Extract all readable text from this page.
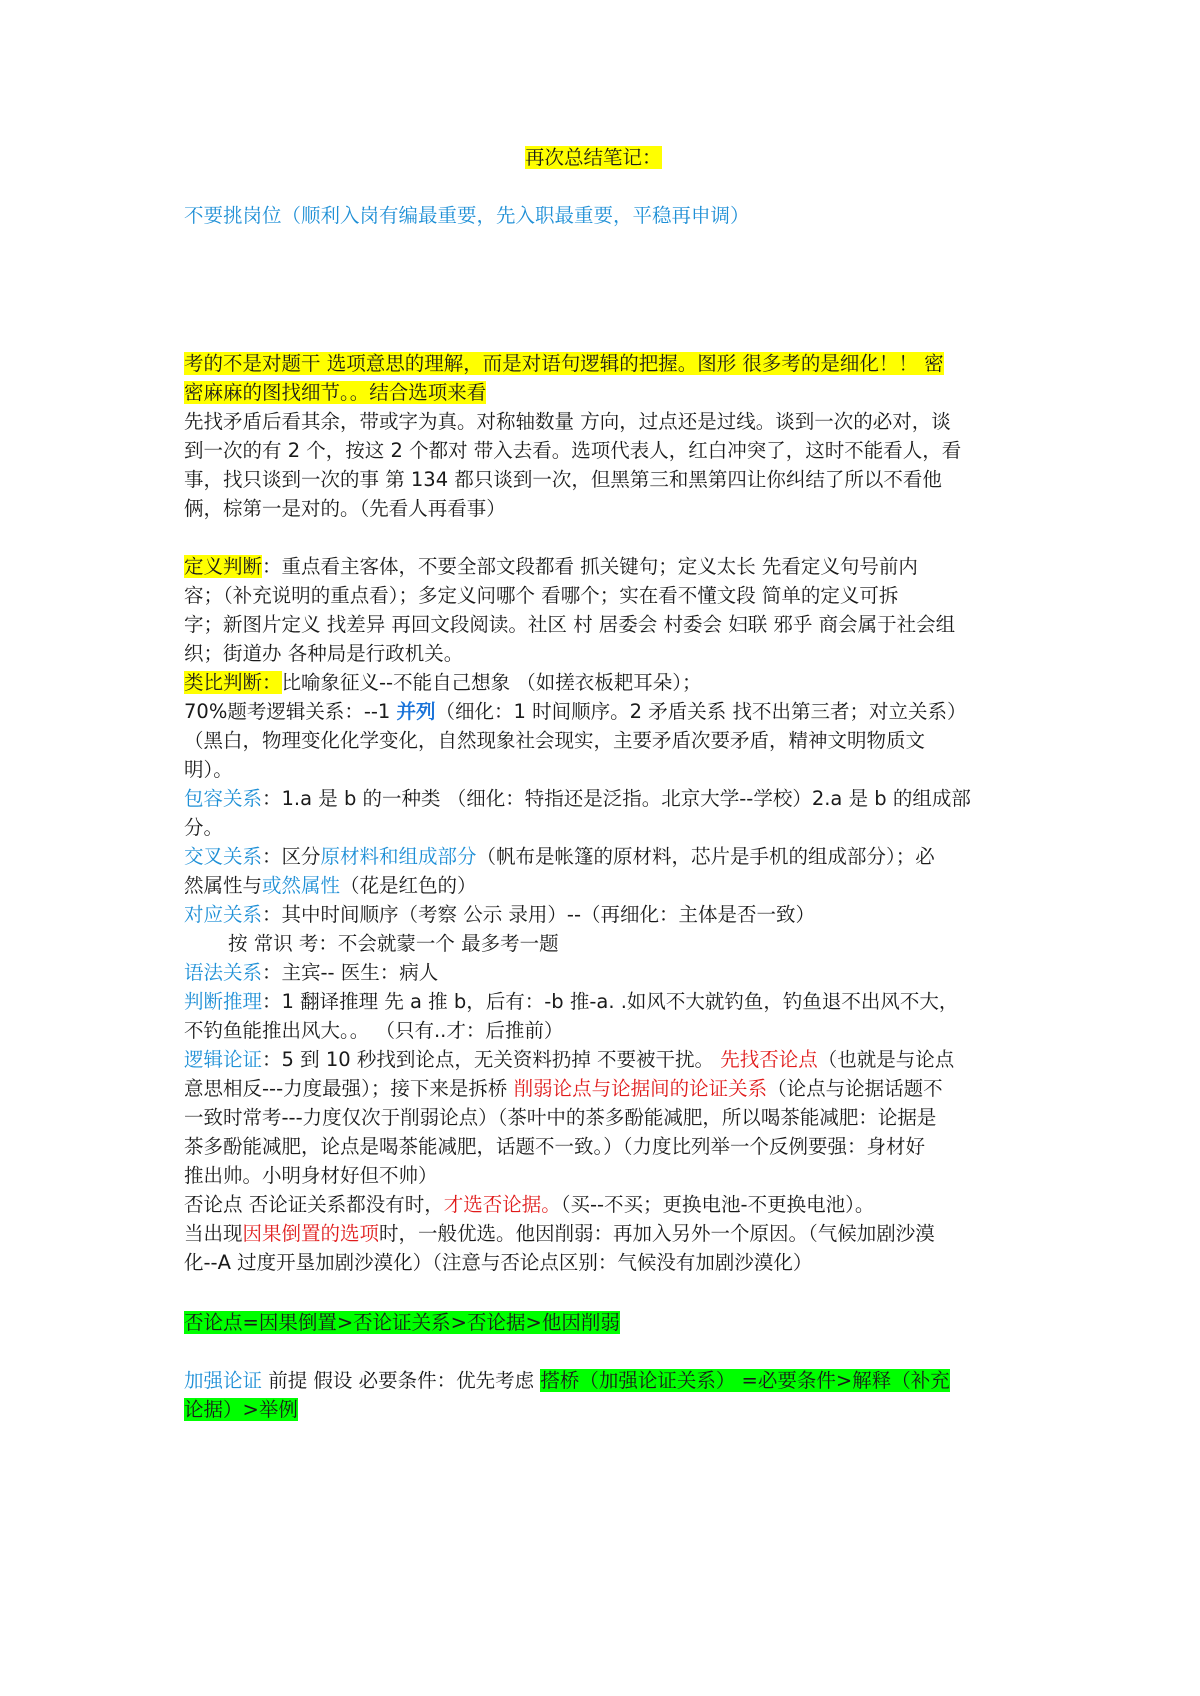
再次总结笔记：

不要挑岗位（顺利入岗有编最重要，先入职最重要，平稳再申调）

考的不是对题干 选项意思的理解，而是对语句逻辑的把握。图形 很多考的是细化！！ 密

密麻麻的图找细节。。结合选项来看

先找矛盾后看其余，带或字为真。对称轴数量 方向，过点还是过线。谈到一次的必对，谈

到一次的有 2 个，按这 2 个都对 带入去看。选项代表人，红白冲突了，这时不能看人，看

事，找只谈到一次的事 第 134 都只谈到一次，但黑第三和黑第四让你纠结了所以不看他

俩，棕第一是对的。（先看人再看事）

定义判断：重点看主客体，不要全部文段都看 抓关键句；定义太长 先看定义句号前内

容；（补充说明的重点看）；多定义问哪个 看哪个；实在看不懂文段 简单的定义可拆

字；新图片定义 找差异 再回文段阅读。社区 村 居委会 村委会 妇联 邪乎 商会属于社会组

织；街道办 各种局是行政机关。

类比判断：比喻象征义--不能自己想象 （如搓衣板耙耳朵）；

70%题考逻辑关系：--1 并列（细化：1 时间顺序。2 矛盾关系 找不出第三者；对立关系）

（黑白，物理变化化学变化，自然现象社会现实，主要矛盾次要矛盾，精神文明物质文

明）。

包容关系：1.a 是 b 的一种类 （细化：特指还是泛指。北京大学--学校）2.a 是 b 的组成部

分。

交叉关系：区分原材料和组成部分（帆布是帐篷的原材料，芯片是手机的组成部分）；必

然属性与或然属性（花是红色的）

对应关系：其中时间顺序（考察 公示 录用）--（再细化：主体是否一致）

按 常识 考：不会就蒙一个 最多考一题

语法关系：主宾-- 医生：病人

判断推理：1 翻译推理 先 a 推 b，后有：-b 推-a. .如风不大就钓鱼，钓鱼退不出风不大，

不钓鱼能推出风大。。 （只有..才：后推前）

逻辑论证：5 到 10 秒找到论点，无关资料扔掉 不要被干扰。 先找否论点（也就是与论点

意思相反---力度最强）；接下来是拆桥 削弱论点与论据间的论证关系（论点与论据话题不

一致时常考---力度仅次于削弱论点）（茶叶中的茶多酚能减肥，所以喝茶能减肥：论据是

茶多酚能减肥，论点是喝茶能减肥，话题不一致。）（力度比列举一个反例要强：身材好

推出帅。小明身材好但不帅）

否论点 否论证关系都没有时，才选否论据。（买--不买；更换电池-不更换电池）。

当出现因果倒置的选项时，一般优选。他因削弱：再加入另外一个原因。（气候加剧沙漠

化--A 过度开垦加剧沙漠化）（注意与否论点区别：气候没有加剧沙漠化）

否论点=因果倒置>否论证关系>否论据>他因削弱

加强论证 前提 假设 必要条件：优先考虑 搭桥（加强论证关系） =必要条件>解释（补充

论据）>举例
